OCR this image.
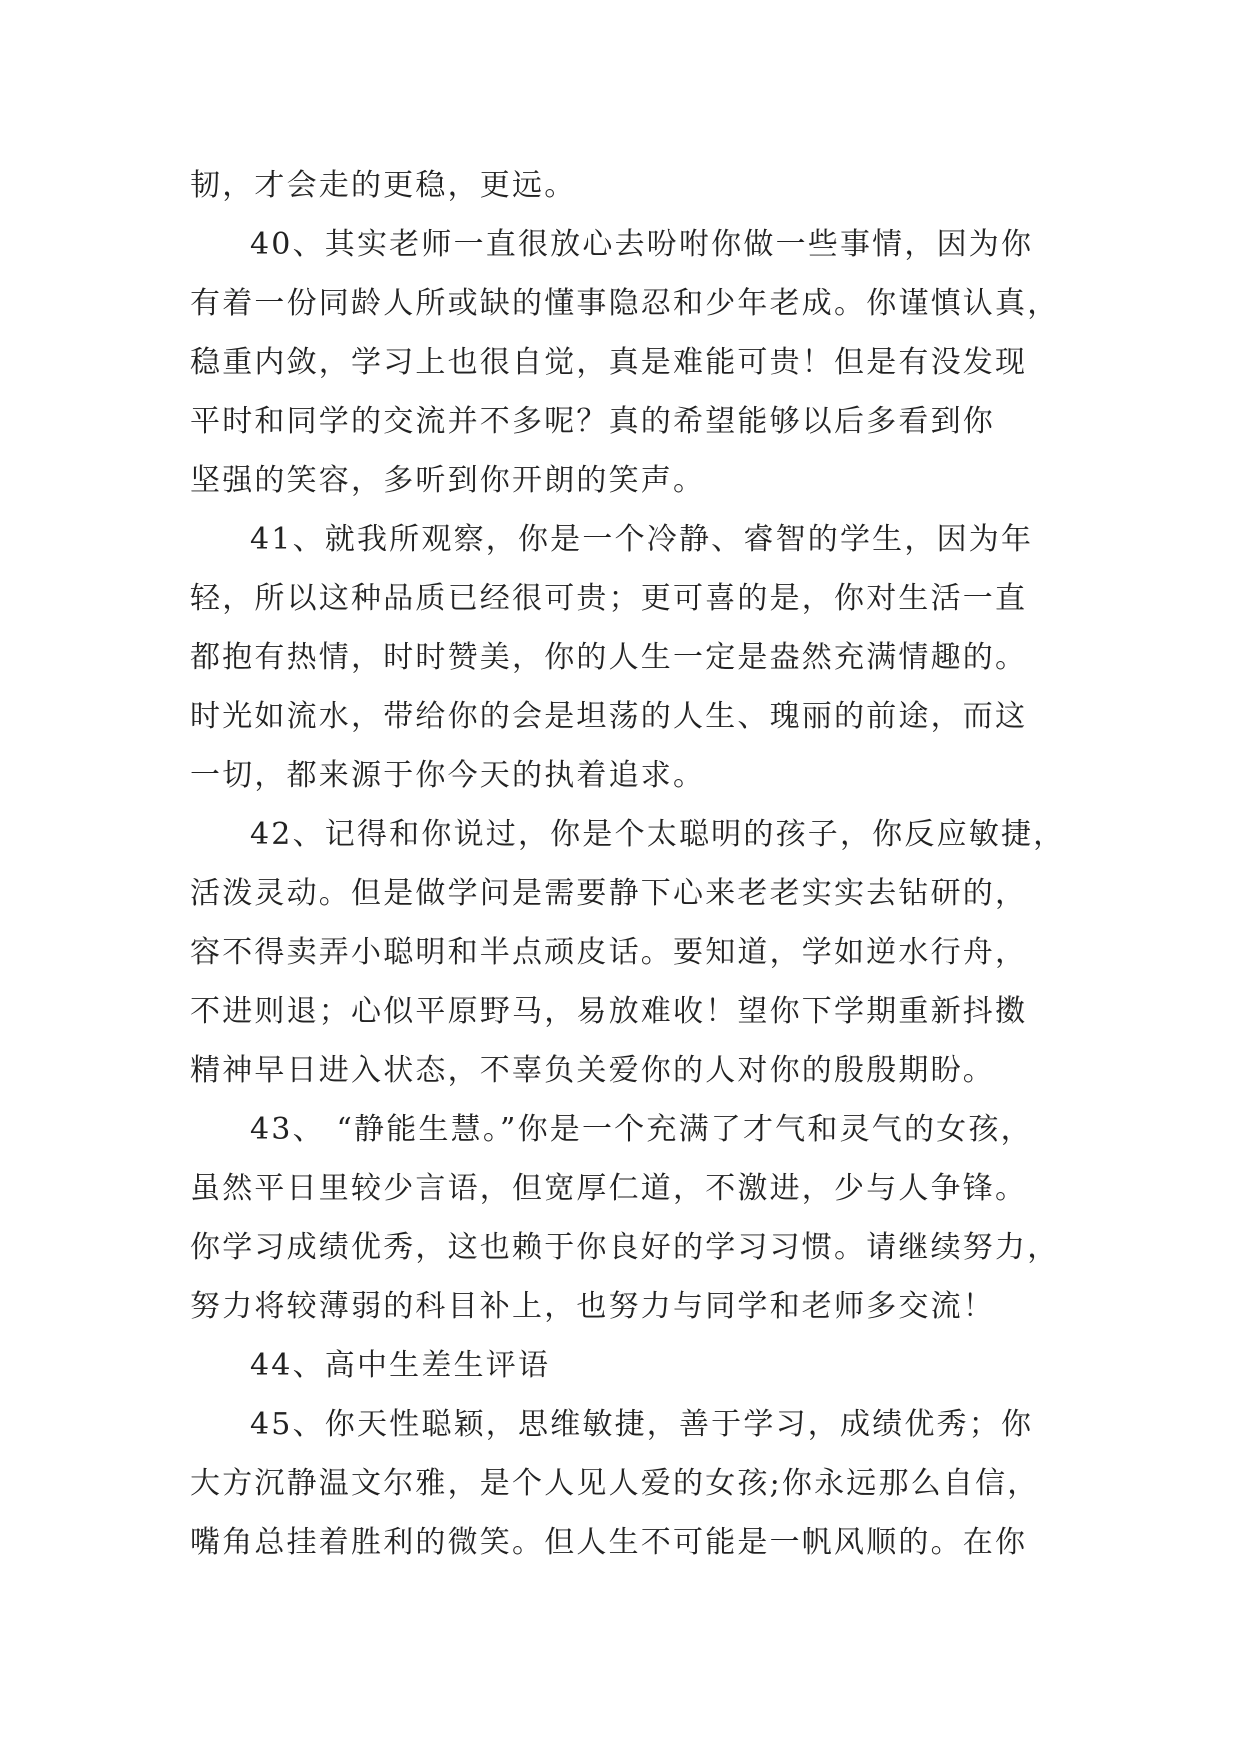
韧，才会走的更稳，更远。
40、其实老师一直很放心去吩咐你做一些事情，因为你
有着一份同龄人所或缺的懂事隐忍和少年老成。你谨慎认真，
稳重内敛，学习上也很自觉，真是难能可贵！但是有没发现
平时和同学的交流并不多呢？真的希望能够以后多看到你
坚强的笑容，多听到你开朗的笑声。
41、就我所观察，你是一个冷静、睿智的学生，因为年
轻，所以这种品质已经很可贵；更可喜的是，你对生活一直
都抱有热情，时时赞美，你的人生一定是盎然充满情趣的。
时光如流水，带给你的会是坦荡的人生、瑰丽的前途，而这
一切，都来源于你今天的执着追求。
42、记得和你说过，你是个太聪明的孩子，你反应敏捷，
活泼灵动。但是做学问是需要静下心来老老实实去钻研的，
容不得卖弄小聪明和半点顽皮话。要知道，学如逆水行舟，
不进则退；心似平原野马，易放难收！望你下学期重新抖擞
精神早日进入状态，不辜负关爱你的人对你的殷殷期盼。
43、 “静能生慧。”你是一个充满了才气和灵气的女孩，
虽然平日里较少言语，但宽厚仁道，不激进，少与人争锋。
你学习成绩优秀，这也赖于你良好的学习习惯。请继续努力，
努力将较薄弱的科目补上，也努力与同学和老师多交流！
44、高中生差生评语
45、你天性聪颖，思维敏捷，善于学习，成绩优秀；你
大方沉静温文尔雅，是个人见人爱的女孩;你永远那么自信，
嘴角总挂着胜利的微笑。但人生不可能是一帆风顺的。在你
